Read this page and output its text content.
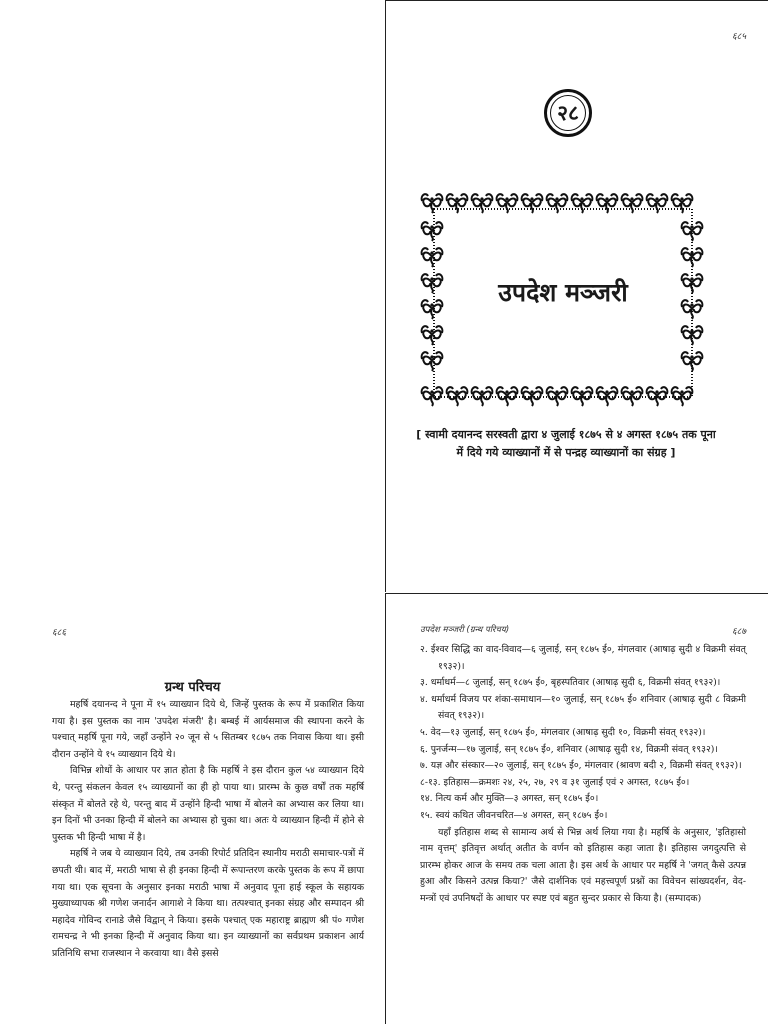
६८५
२८
उपदेश मञ्जरी
[ स्वामी दयानन्द सरस्वती द्वारा ४ जुलाई १८७५ से ४ अगस्त १८७५ तक पूना में दिये गये व्याख्यानों में से पन्द्रह व्याख्यानों का संग्रह ]
६८६
ग्रन्थ परिचय

महर्षि दयानन्द ने पूना में १५ व्याख्यान दिये थे, जिन्हें पुस्तक के रूप में प्रकाशित किया गया है। इस पुस्तक का नाम 'उपदेश मंजरी' है। बम्बई में आर्यसमाज की स्थापना करने के पश्चात् महर्षि पूना गये, जहाँ उन्होंने २० जून से ५ सितम्बर १८७५ तक निवास किया था। इसी दौरान उन्होंने ये १५ व्याख्यान दिये थे।

विभिन्न शोधों के आधार पर ज्ञात होता है कि महर्षि ने इस दौरान कुल ५४ व्याख्यान दिये थे, परन्तु संकलन केवल १५ व्याख्यानों का ही हो पाया था। प्रारम्भ के कुछ वर्षों तक महर्षि संस्कृत में बोलते रहे थे, परन्तु बाद में उन्होंने हिन्दी भाषा में बोलने का अभ्यास कर लिया था। इन दिनों भी उनका हिन्दी में बोलने का अभ्यास हो चुका था। अतः ये व्याख्यान हिन्दी में होने से पुस्तक भी हिन्दी भाषा में है।

महर्षि ने जब ये व्याख्यान दिये, तब उनकी रिपोर्ट प्रतिदिन स्थानीय मराठी समाचार-पत्रों में छपती थी। बाद में, मराठी भाषा से ही इनका हिन्दी में रूपान्तरण करके पुस्तक के रूप में छापा गया था। एक सूचना के अनुसार इनका मराठी भाषा में अनुवाद पूना हाई स्कूल के सहायक मुख्याध्यापक श्री गणेश जनार्दन आगाशे ने किया था। तत्पश्चात् इनका संग्रह और सम्पादन श्री महादेव गोविन्द रानाडे जैसे विद्वान् ने किया। इसके पश्चात् एक महाराष्ट्र ब्राह्मण श्री पं० गणेश रामचन्द्र ने भी इनका हिन्दी में अनुवाद किया था। इन व्याख्यानों का सर्वप्रथम प्रकाशन आर्य प्रतिनिधि सभा राजस्थान ने करवाया था। वैसे इससे

उपदेश मञ्जरी (ग्रन्थ परिचय)	६८७

२. ईश्वर सिद्धि का वाद-विवाद—६ जुलाई, सन् १८७५ ई०, मंगलवार (आषाढ़ सुदी ४ विक्रमी संवत् १९३२)।

३. धर्माधर्म—८ जुलाई, सन् १८७५ ई०, बृहस्पतिवार (आषाढ़ सुदी ६, विक्रमी संवत् १९३२)।

४. धर्माधर्म विजय पर शंका-समाधान—१० जुलाई, सन् १८७५ ई० शनिवार (आषाढ़ सुदी ८ विक्रमी संवत् १९३२)।

५. वेद—१३ जुलाई, सन् १८७५ ई०, मंगलवार (आषाढ़ सुदी १०, विक्रमी संवत् १९३२)।

६. पुनर्जन्म—१७ जुलाई, सन् १८७५ ई०, शनिवार (आषाढ़ सुदी १४, विक्रमी संवत् १९३२)।

७. यज्ञ और संस्कार—२० जुलाई, सन् १८७५ ई०, मंगलवार (श्रावण बदी २, विक्रमी संवत् १९३२)।

८-१३. इतिहास—क्रमशः २४, २५, २७, २९ व ३१ जुलाई एवं २ अगस्त, १८७५ ई०।

१४. नित्य कर्म और मुक्ति—३ अगस्त, सन् १८७५ ई०।

१५. स्वयं कथित जीवनचरित—४ अगस्त, सन् १८७५ ई०।

यहाँ इतिहास शब्द से सामान्य अर्थ से भिन्न अर्थ लिया गया है। महर्षि के अनुसार, 'इतिहासो नाम वृत्तम्' इतिवृत्त अर्थात् अतीत के वर्णन को इतिहास कहा जाता है। इतिहास जगदुत्पत्ति से प्रारम्भ होकर आज के समय तक चला आता है। इस अर्थ के आधार पर महर्षि ने 'जगत् कैसे उत्पन्न हुआ और किसने उत्पन्न किया?' जैसे दार्शनिक एवं महत्त्वपूर्ण प्रश्नों का विवेचन सांख्यदर्शन, वेद-मन्त्रों एवं उपनिषदों के आधार पर स्पष्ट एवं बहुत सुन्दर प्रकार से किया है। (सम्पादक)
